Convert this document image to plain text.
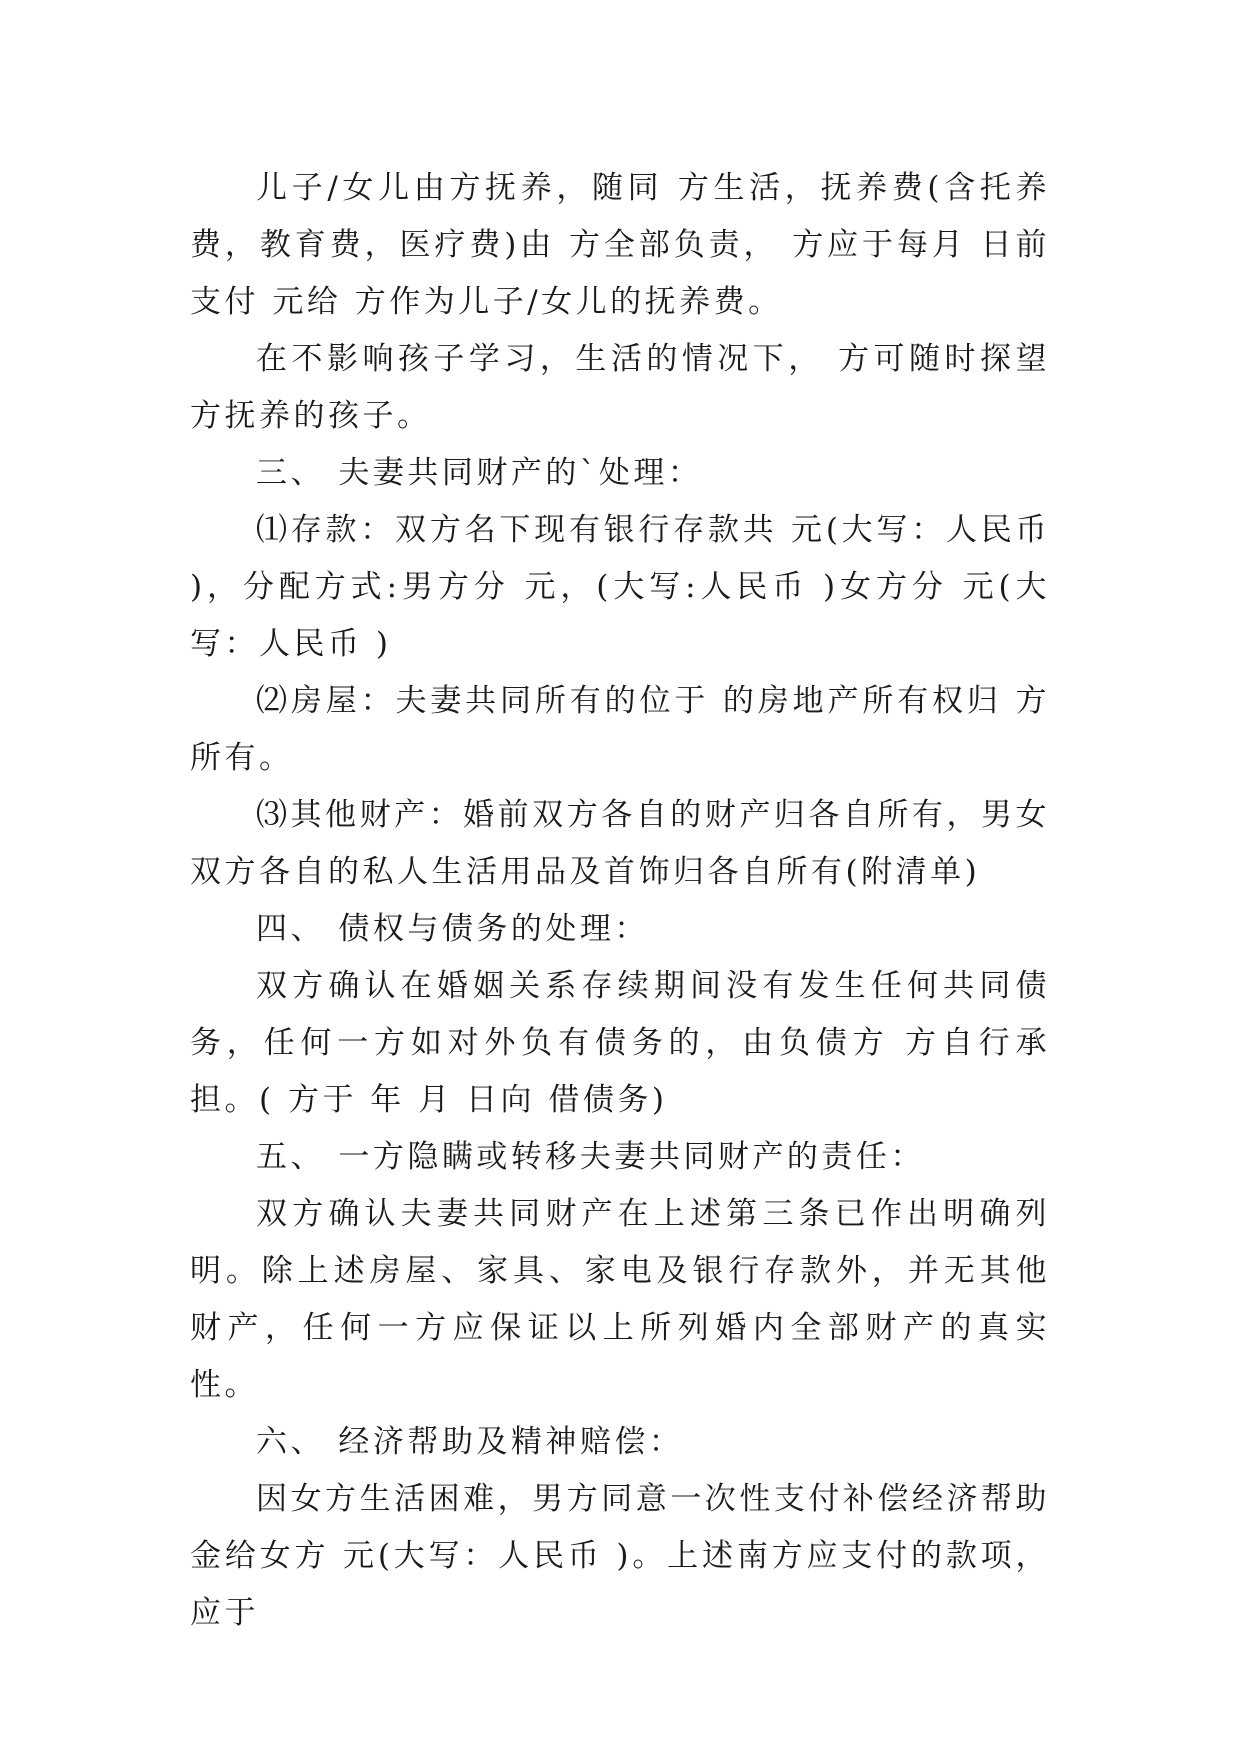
儿子/女儿由方抚养，随同 方生活，抚养费(含托养费，教育费，医疗费)由 方全部负责， 方应于每月 日前支付 元给 方作为儿子/女儿的抚养费。

在不影响孩子学习，生活的情况下， 方可随时探望 方抚养的孩子。

三、 夫妻共同财产的`处理：

⑴存款：双方名下现有银行存款共 元(大写：人民币 )，分配方式:男方分 元，(大写:人民币 )女方分 元(大写：人民币 )

⑵房屋：夫妻共同所有的位于 的房地产所有权归 方所有。

⑶其他财产：婚前双方各自的财产归各自所有，男女双方各自的私人生活用品及首饰归各自所有(附清单)

四、 债权与债务的处理：

双方确认在婚姻关系存续期间没有发生任何共同债务，任何一方如对外负有债务的，由负债方 方自行承担。( 方于 年 月 日向 借债务)

五、 一方隐瞒或转移夫妻共同财产的责任：

双方确认夫妻共同财产在上述第三条已作出明确列明。除上述房屋、家具、家电及银行存款外，并无其他财产，任何一方应保证以上所列婚内全部财产的真实性。

六、 经济帮助及精神赔偿：

因女方生活困难，男方同意一次性支付补偿经济帮助金给女方 元(大写：人民币 )。上述南方应支付的款项，应于
